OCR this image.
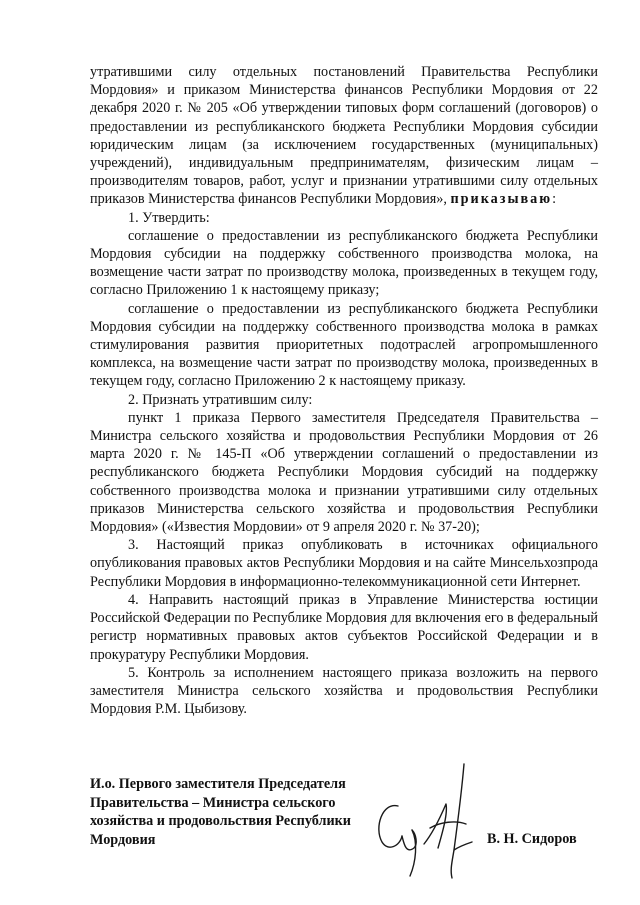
утратившими силу отдельных постановлений Правительства Республики Мордовия» и приказом Министерства финансов Республики Мордовия от 22 декабря 2020 г. № 205 «Об утверждении типовых форм соглашений (договоров) о предоставлении из республиканского бюджета Республики Мордовия субсидии юридическим лицам (за исключением государственных (муниципальных) учреждений), индивидуальным предпринимателям, физическим лицам – производителям товаров, работ, услуг и признании утратившими силу отдельных приказов Министерства финансов Республики Мордовия», приказываю:

1. Утвердить:

соглашение о предоставлении из республиканского бюджета Республики Мордовия субсидии на поддержку собственного производства молока, на возмещение части затрат по производству молока, произведенных в текущем году, согласно Приложению 1 к настоящему приказу;

соглашение о предоставлении из республиканского бюджета Республики Мордовия субсидии на поддержку собственного производства молока в рамках стимулирования развития приоритетных подотраслей агропромышленного комплекса, на возмещение части затрат по производству молока, произведенных в текущем году, согласно Приложению 2 к настоящему приказу.

2. Признать утратившим силу:

пункт 1 приказа Первого заместителя Председателя Правительства – Министра сельского хозяйства и продовольствия Республики Мордовия от 26 марта 2020 г. № 145-П «Об утверждении соглашений о предоставлении из республиканского бюджета Республики Мордовия субсидий на поддержку собственного производства молока и признании утратившими силу отдельных приказов Министерства сельского хозяйства и продовольствия Республики Мордовия» («Известия Мордовии» от 9 апреля 2020 г. № 37-20);

3. Настоящий приказ опубликовать в источниках официального опубликования правовых актов Республики Мордовия и на сайте Минсельхозпрода Республики Мордовия в информационно-телекоммуникационной сети Интернет.

4. Направить настоящий приказ в Управление Министерства юстиции Российской Федерации по Республике Мордовия для включения его в федеральный регистр нормативных правовых актов субъектов Российской Федерации и в прокуратуру Республики Мордовия.

5. Контроль за исполнением настоящего приказа возложить на первого заместителя Министра сельского хозяйства и продовольствия Республики Мордовия Р.М. Цыбизову.

И.о. Первого заместителя Председателя Правительства – Министра сельского хозяйства и продовольствия Республики Мордовия	В. Н. Сидоров
